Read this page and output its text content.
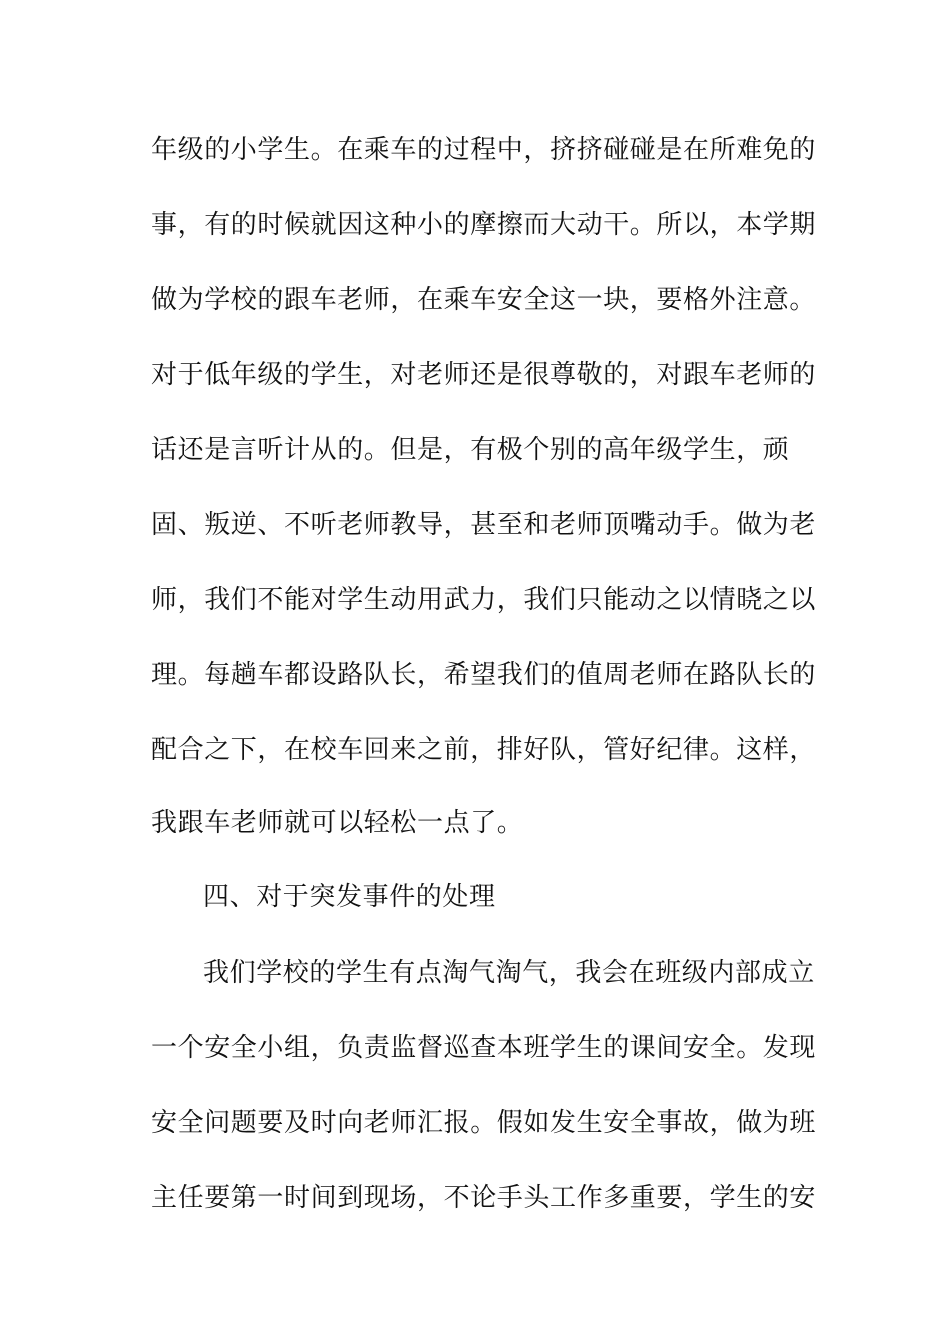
年级的小学生。在乘车的过程中，挤挤碰碰是在所难免的
事，有的时候就因这种小的摩擦而大动干。所以，本学期
做为学校的跟车老师，在乘车安全这一块，要格外注意。
对于低年级的学生，对老师还是很尊敬的，对跟车老师的
话还是言听计从的。但是，有极个别的高年级学生，顽
固、叛逆、不听老师教导，甚至和老师顶嘴动手。做为老
师，我们不能对学生动用武力，我们只能动之以情晓之以
理。每趟车都设路队长，希望我们的值周老师在路队长的
配合之下，在校车回来之前，排好队，管好纪律。这样，
我跟车老师就可以轻松一点了。
四、对于突发事件的处理
我们学校的学生有点淘气淘气，我会在班级内部成立
一个安全小组，负责监督巡查本班学生的课间安全。发现
安全问题要及时向老师汇报。假如发生安全事故，做为班
主任要第一时间到现场，不论手头工作多重要，学生的安
